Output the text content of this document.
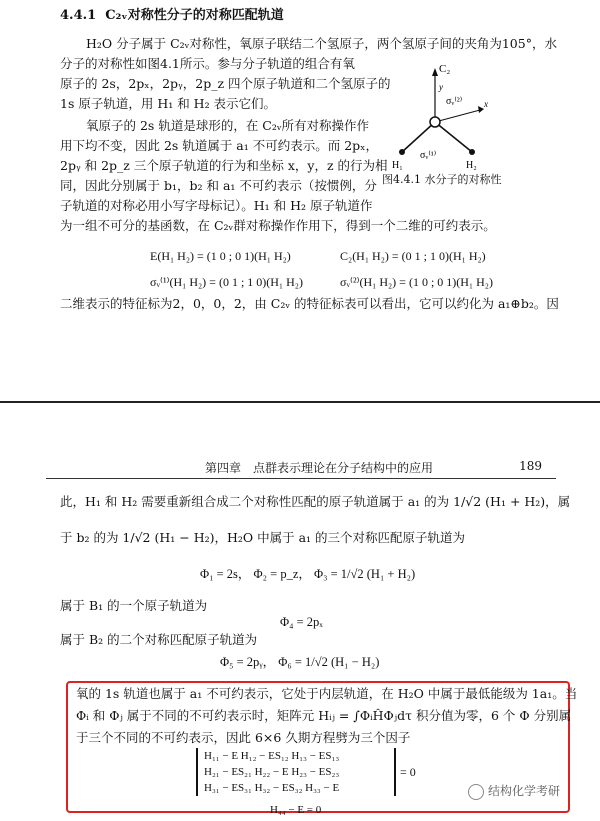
4.4.1 C₂ᵥ对称性分子的对称匹配轨道
H₂O 分子属于 C₂ᵥ对称性，氧原子联结二个氢原子，两个氢原子间的夹角为105°，水
分子的对称性如图4.1所示。参与分子轨道的组合有氧
原子的 2s，2pₓ，2pᵧ，2p_z 四个原子轨道和二个氢原子的
1s 原子轨道，用 H₁ 和 H₂ 表示它们。
氧原子的 2s 轨道是球形的，在 C₂ᵥ所有对称操作作
用下均不变，因此 2s 轨道属于 a₁ 不可约表示。而 2pₓ，
2pᵧ 和 2p_z 三个原子轨道的行为和坐标 x，y，z 的行为相
同，因此分别属于 b₁，b₂ 和 a₁ 不可约表示（按惯例，分
子轨道的对称必用小写字母标记）。H₁ 和 H₂ 原子轨道作
为一组不可分的基函数，在 C₂ᵥ群对称操作作用下，得到一个二维的可约表示。
C₂
y
x
σᵥ⁽²⁾
σᵥ⁽¹⁾
H₁	H₂
图4.4.1 水分子的对称性
E(H₁ H₂) = (1 0 ; 0 1)(H₁ H₂)	C₂(H₁ H₂) = (0 1 ; 1 0)(H₁ H₂)
σᵥ⁽¹⁾(H₁ H₂) = (0 1 ; 1 0)(H₁ H₂)	σᵥ⁽²⁾(H₁ H₂) = (1 0 ; 0 1)(H₁ H₂)
二维表示的特征标为2，0，0，2，由 C₂ᵥ 的特征标表可以看出，它可以约化为 a₁⊕b₂。因
第四章　点群表示理论在分子结构中的应用	189
此，H₁ 和 H₂ 需要重新组合成二个对称性匹配的原子轨道属于 a₁ 的为 1/√2 (H₁ + H₂)，属
于 b₂ 的为 1/√2 (H₁ − H₂)，H₂O 中属于 a₁ 的三个对称匹配原子轨道为
Φ₁ = 2s， Φ₂ = p_z， Φ₃ = 1/√2 (H₁ + H₂)
属于 B₁ 的一个原子轨道为
Φ₄ = 2pₓ
属于 B₂ 的二个对称匹配原子轨道为
Φ₅ = 2pᵧ， Φ₆ = 1/√2 (H₁ − H₂)
氧的 1s 轨道也属于 a₁ 不可约表示，它处于内层轨道，在 H₂O 中属于最低能级为 1a₁。当
Φᵢ 和 Φⱼ 属于不同的不可约表示时，矩阵元 Hᵢⱼ = ∫ΦᵢĤΦⱼdτ 积分值为零，6 个 Φ 分别属
于三个不同的不可约表示，因此 6×6 久期方程劈为三个因子
H₁₁ − E H₁₂ − ES₁₂ H₁₃ − ES₁₃
H₂₁ − ES₂₁ H₂₂ − E H₂₃ − ES₂₃
H₃₁ − ES₃₁ H₃₂ − ES₃₂ H₃₃ − E
= 0
H₄₄ − E = 0
结构化学考研
